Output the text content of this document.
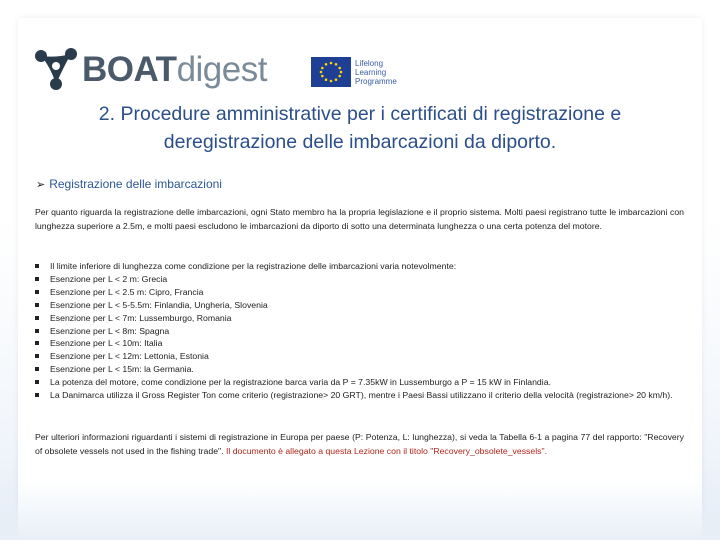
BOATdigest	Lifelong
Learning
Programme
2. Procedure amministrative per i certificati di registrazione e deregistrazione delle imbarcazioni da diporto.
➢ Registrazione delle imbarcazioni

Per quanto riguarda la registrazione delle imbarcazioni, ogni Stato membro ha la propria legislazione e il proprio sistema. Molti paesi registrano tutte le imbarcazioni con lunghezza superiore a 2.5m, e molti paesi escludono le imbarcazioni da diporto di sotto una determinata lunghezza o una certa potenza del motore.

Il limite inferiore di lunghezza come condizione per la registrazione delle imbarcazioni varia notevolmente:
Esenzione per L < 2 m: Grecia
Esenzione per L < 2.5 m: Cipro, Francia
Esenzione per L < 5-5.5m: Finlandia, Ungheria, Slovenia
Esenzione per L < 7m: Lussemburgo, Romania
Esenzione per L < 8m: Spagna
Esenzione per L < 10m: Italia
Esenzione per L < 12m: Lettonia, Estonia
Esenzione per L < 15m: la Germania.
La potenza del motore, come condizione per la registrazione barca varia da P = 7.35kW in Lussemburgo a P = 15 kW in Finlandia.
La Danimarca utilizza il Gross Register Ton come criterio (registrazione> 20 GRT), mentre i Paesi Bassi utilizzano il criterio della velocità (registrazione> 20 km/h).

Per ulteriori informazioni riguardanti i sistemi di registrazione in Europa per paese (P: Potenza, L: lunghezza), si veda la Tabella 6-1 a pagina 77 del rapporto: "Recovery of obsolete vessels not used in the fishing trade". Il documento è allegato a questa Lezione con il titolo "Recovery_obsolete_vessels".
